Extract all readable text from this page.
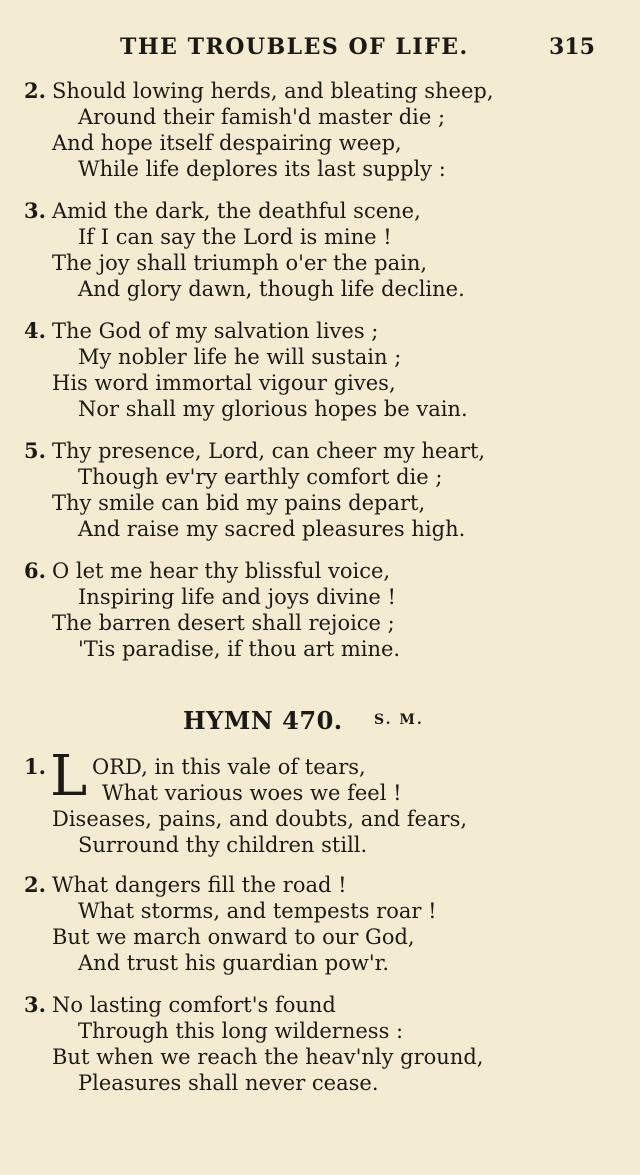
THE TROUBLES OF LIFE.	315
2. Should lowing herds, and bleating sheep,
Around their famish'd master die ;
And hope itself despairing weep,
While life deplores its last supply :
3. Amid the dark, the deathful scene,
If I can say the Lord is mine !
The joy shall triumph o'er the pain,
And glory dawn, though life decline.
4. The God of my salvation lives ;
My nobler life he will sustain ;
His word immortal vigour gives,
Nor shall my glorious hopes be vain.
5. Thy presence, Lord, can cheer my heart,
Though ev'ry earthly comfort die ;
Thy smile can bid my pains depart,
And raise my sacred pleasures high.
6. O let me hear thy blissful voice,
Inspiring life and joys divine !
The barren desert shall rejoice ;
'Tis paradise, if thou art mine.
HYMN 470. S. M.
L
1. ORD, in this vale of tears,
What various woes we feel !
Diseases, pains, and doubts, and fears,
Surround thy children still.
2. What dangers fill the road !
What storms, and tempests roar !
But we march onward to our God,
And trust his guardian pow'r.
3. No lasting comfort's found
Through this long wilderness :
But when we reach the heav'nly ground,
Pleasures shall never cease.
